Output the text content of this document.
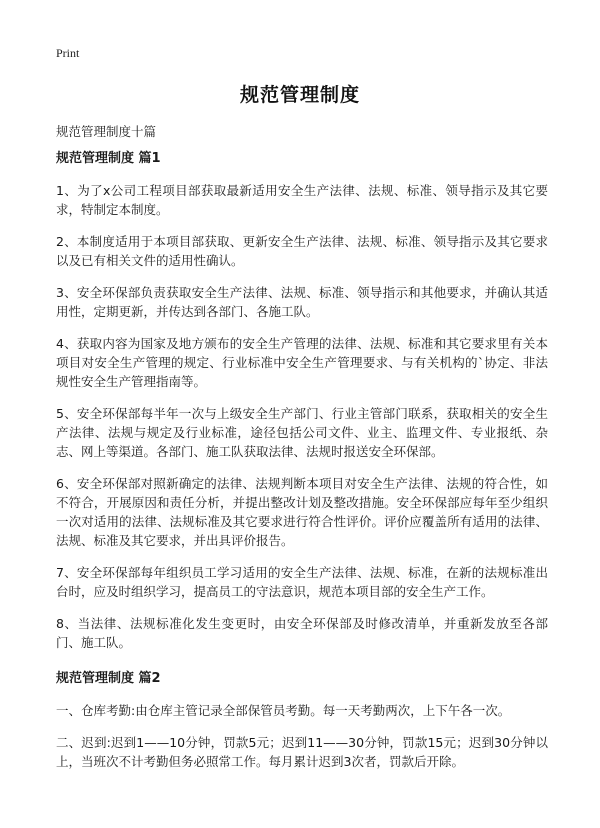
Print
规范管理制度
规范管理制度十篇
规范管理制度 篇1

1、为了x公司工程项目部获取最新适用安全生产法律、法规、标准、领导指示及其它要求，特制定本制度。

2、本制度适用于本项目部获取、更新安全生产法律、法规、标准、领导指示及其它要求以及已有相关文件的适用性确认。

3、安全环保部负责获取安全生产法律、法规、标准、领导指示和其他要求，并确认其适用性，定期更新，并传达到各部门、各施工队。

4、获取内容为国家及地方颁布的安全生产管理的法律、法规、标准和其它要求里有关本项目对安全生产管理的规定、行业标准中安全生产管理要求、与有关机构的`协定、非法规性安全生产管理指南等。

5、安全环保部每半年一次与上级安全生产部门、行业主管部门联系，获取相关的安全生产法律、法规与规定及行业标准，途径包括公司文件、业主、监理文件、专业报纸、杂志、网上等渠道。各部门、施工队获取法律、法规时报送安全环保部。

6、安全环保部对照新确定的法律、法规判断本项目对安全生产法律、法规的符合性，如不符合，开展原因和责任分析，并提出整改计划及整改措施。安全环保部应每年至少组织一次对适用的法律、法规标准及其它要求进行符合性评价。评价应覆盖所有适用的法律、法规、标准及其它要求，并出具评价报告。

7、安全环保部每年组织员工学习适用的安全生产法律、法规、标准，在新的法规标准出台时，应及时组织学习，提高员工的守法意识，规范本项目部的安全生产工作。

8、当法律、法规标准化发生变更时，由安全环保部及时修改清单，并重新发放至各部门、施工队。

规范管理制度 篇2

一、仓库考勤:由仓库主管记录全部保管员考勤。每一天考勤两次，上下午各一次。

二、迟到:迟到1——10分钟，罚款5元；迟到11——30分钟，罚款15元；迟到30分钟以上，当班次不计考勤但务必照常工作。每月累计迟到3次者，罚款后开除。
